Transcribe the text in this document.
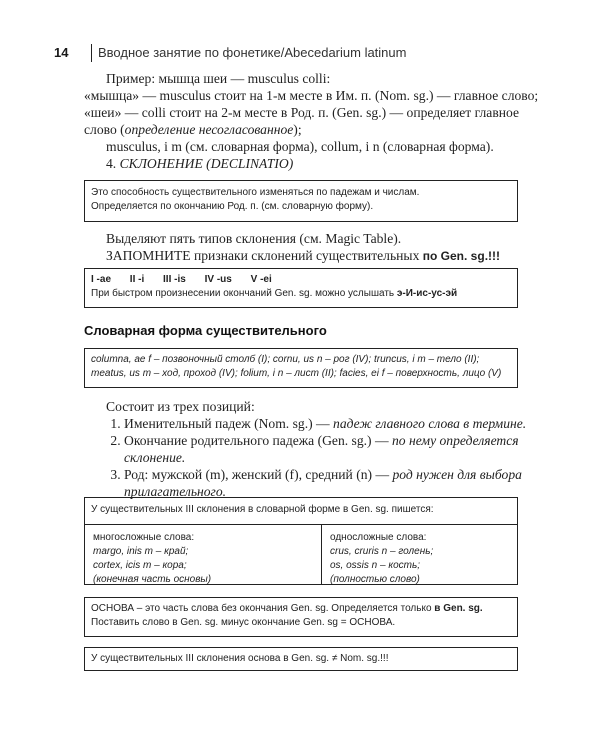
14 Вводное занятие по фонетике/Abecedarium latinum
Пример: мышца шеи — musculus colli:
«мышца» — musculus стоит на 1-м месте в Им. п. (Nom. sg.) — главное слово;
«шеи» — colli стоит на 2-м месте в Род. п. (Gen. sg.) — определяет главное слово (определение несогласованное);
musculus, i m (см. словарная форма), collum, i n (словарная форма).
4. СКЛОНЕНИЕ (DECLINATIO)
Это способность существительного изменяться по падежам и числам.
Определяется по окончанию Род. п. (см. словарную форму).
Выделяют пять типов склонения (см. Magic Table).
ЗАПОМНИТЕ признаки склонений существительных по Gen. sg.!!!
I -ae II -i III -is IV -us V -ei
При быстром произнесении окончаний Gen. sg. можно услышать э-И-ис-ус-эй
Словарная форма существительного
columna, ae f – позвоночный столб (I); cornu, us n – рог (IV); truncus, i m – тело (II);
meatus, us m – ход, проход (IV); folium, i n – лист (II); facies, ei f – поверхность, лицо (V)
Состоит из трех позиций:
1. Именительный падеж (Nom. sg.) — падеж главного слова в термине.
2. Окончание родительного падежа (Gen. sg.) — по нему определяется склонение.
3. Род: мужской (m), женский (f), средний (n) — род нужен для выбора прилагательного.
У существительных III склонения в словарной форме в Gen. sg. пишется:
многосложные слова:
margo, inis m – край;
cortex, icis m – кора;
(конечная часть основы)
односложные слова:
crus, cruris n – голень;
os, ossis n – кость;
(полностью слово)
ОСНОВА – это часть слова без окончания Gen. sg. Определяется только в Gen. sg.
Поставить слово в Gen. sg. минус окончание Gen. sg = ОСНОВА.
У существительных III склонения основа в Gen. sg. ≠ Nom. sg.!!!
